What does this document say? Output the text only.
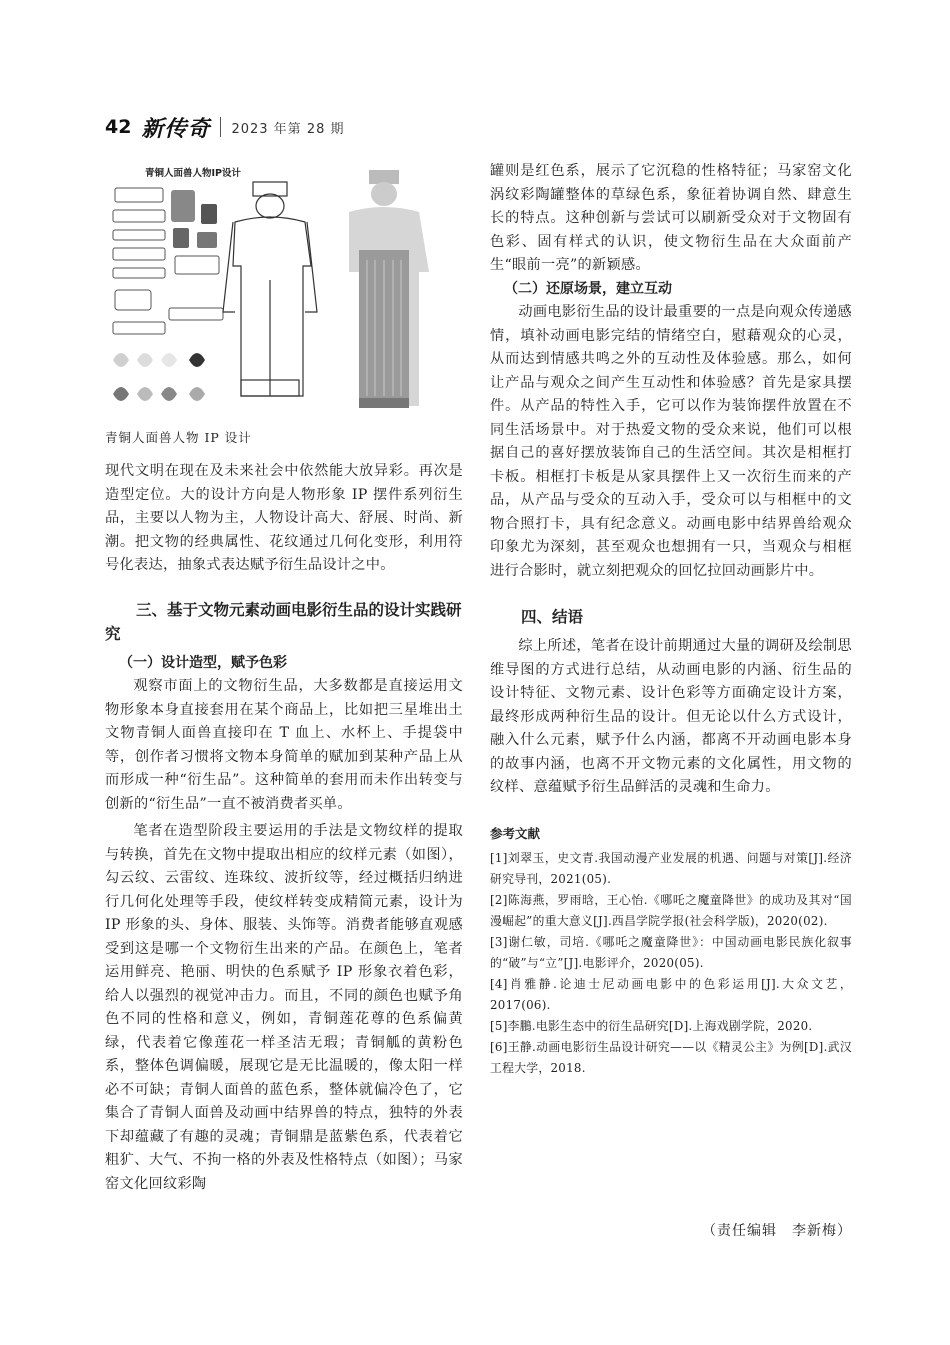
42 新传奇 2023 年第 28 期
青铜人面兽人物IP设计
青铜人面兽人物 IP 设计

现代文明在现在及未来社会中依然能大放异彩。再次是造型定位。大的设计方向是人物形象 IP 摆件系列衍生品，主要以人物为主，人物设计高大、舒展、时尚、新潮。把文物的经典属性、花纹通过几何化变形，利用符号化表达，抽象式表达赋予衍生品设计之中。

三、基于文物元素动画电影衍生品的设计实践研究
（一）设计造型，赋予色彩

观察市面上的文物衍生品，大多数都是直接运用文物形象本身直接套用在某个商品上，比如把三星堆出土文物青铜人面兽直接印在 T 血上、水杯上、手提袋中等，创作者习惯将文物本身简单的赋加到某种产品上从而形成一种“衍生品”。这种简单的套用而未作出转变与创新的“衍生品”一直不被消费者买单。

笔者在造型阶段主要运用的手法是文物纹样的提取与转换，首先在文物中提取出相应的纹样元素（如图），勾云纹、云雷纹、连珠纹、波折纹等，经过概括归纳进行几何化处理等手段，使纹样转变成精简元素，设计为 IP 形象的头、身体、服装、头饰等。消费者能够直观感受到这是哪一个文物衍生出来的产品。在颜色上，笔者运用鲜亮、艳丽、明快的色系赋予 IP 形象衣着色彩，给人以强烈的视觉冲击力。而且，不同的颜色也赋予角色不同的性格和意义，例如，青铜莲花尊的色系偏黄绿，代表着它像莲花一样圣洁无瑕；青铜觚的黄粉色系，整体色调偏暖，展现它是无比温暖的，像太阳一样必不可缺；青铜人面兽的蓝色系，整体就偏冷色了，它集合了青铜人面兽及动画中结界兽的特点，独特的外表下却蕴藏了有趣的灵魂；青铜鼎是蓝紫色系，代表着它粗犷、大气、不拘一格的外表及性格特点（如图）；马家窑文化回纹彩陶

罐则是红色系，展示了它沉稳的性格特征；马家窑文化涡纹彩陶罐整体的草绿色系，象征着协调自然、肆意生长的特点。这种创新与尝试可以刷新受众对于文物固有色彩、固有样式的认识，使文物衍生品在大众面前产生“眼前一亮”的新颖感。

（二）还原场景，建立互动

动画电影衍生品的设计最重要的一点是向观众传递感情，填补动画电影完结的情绪空白，慰藉观众的心灵，从而达到情感共鸣之外的互动性及体验感。那么，如何让产品与观众之间产生互动性和体验感？首先是家具摆件。从产品的特性入手，它可以作为装饰摆件放置在不同生活场景中。对于热爱文物的受众来说，他们可以根据自己的喜好摆放装饰自己的生活空间。其次是相框打卡板。相框打卡板是从家具摆件上又一次衍生而来的产品，从产品与受众的互动入手，受众可以与相框中的文物合照打卡，具有纪念意义。动画电影中结界兽给观众印象尤为深刻，甚至观众也想拥有一只，当观众与相框进行合影时，就立刻把观众的回忆拉回动画影片中。

四、结语

综上所述，笔者在设计前期通过大量的调研及绘制思维导图的方式进行总结，从动画电影的内涵、衍生品的设计特征、文物元素、设计色彩等方面确定设计方案，最终形成两种衍生品的设计。但无论以什么方式设计，融入什么元素，赋予什么内涵，都离不开动画电影本身的故事内涵，也离不开文物元素的文化属性，用文物的纹样、意蕴赋予衍生品鲜活的灵魂和生命力。

参考文献
[1]刘翠玉，史文青.我国动漫产业发展的机遇、问题与对策[J].经济研究导刊，2021(05).
[2]陈海燕，罗雨晗，王心怡.《哪吒之魔童降世》的成功及其对“国漫崛起”的重大意义[J].西昌学院学报(社会科学版)，2020(02).
[3]谢仁敏，司培.《哪吒之魔童降世》：中国动画电影民族化叙事的“破”与“立”[J].电影评介，2020(05).
[4]肖雅静.论迪士尼动画电影中的色彩运用[J].大众文艺，2017(06).
[5]李鵬.电影生态中的衍生品研究[D].上海戏剧学院，2020.
[6]王静.动画电影衍生品设计研究——以《精灵公主》为例[D].武汉工程大学，2018.
（责任编辑　李新梅）
